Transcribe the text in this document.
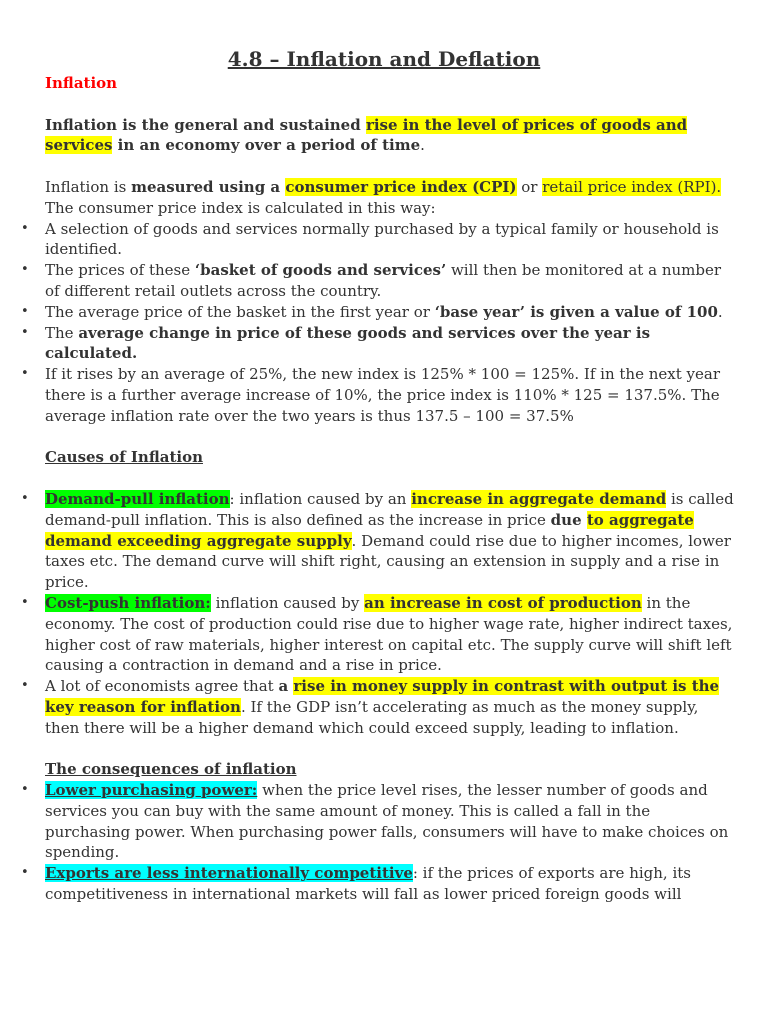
4.8 – Inflation and Deflation

Inflation

Inflation is the general and sustained rise in the level of prices of goods and services in an economy over a period of time.

Inflation is measured using a consumer price index (CPI) or retail price index (RPI).

The consumer price index is calculated in this way:

• A selection of goods and services normally purchased by a typical family or household is identified.
• The prices of these ‘basket of goods and services’ will then be monitored at a number of different retail outlets across the country.
• The average price of the basket in the first year or ‘base year’ is given a value of 100.
• The average change in price of these goods and services over the year is calculated.
• If it rises by an average of 25%, the new index is 125% * 100 = 125%. If in the next year there is a further average increase of 10%, the price index is 110% * 125 = 137.5%. The average inflation rate over the two years is thus 137.5 – 100 = 37.5%

Causes of Inflation

• Demand-pull inflation: inflation caused by an increase in aggregate demand is called demand-pull inflation. This is also defined as the increase in price due to aggregate demand exceeding aggregate supply. Demand could rise due to higher incomes, lower taxes etc. The demand curve will shift right, causing an extension in supply and a rise in price.
• Cost-push inflation: inflation caused by an increase in cost of production in the economy. The cost of production could rise due to higher wage rate, higher indirect taxes, higher cost of raw materials, higher interest on capital etc. The supply curve will shift left causing a contraction in demand and a rise in price.
• A lot of economists agree that a rise in money supply in contrast with output is the key reason for inflation. If the GDP isn’t accelerating as much as the money supply, then there will be a higher demand which could exceed supply, leading to inflation.

The consequences of inflation

• Lower purchasing power: when the price level rises, the lesser number of goods and services you can buy with the same amount of money. This is called a fall in the purchasing power. When purchasing power falls, consumers will have to make choices on spending.
• Exports are less internationally competitive: if the prices of exports are high, its competitiveness in international markets will fall as lower priced foreign goods will
